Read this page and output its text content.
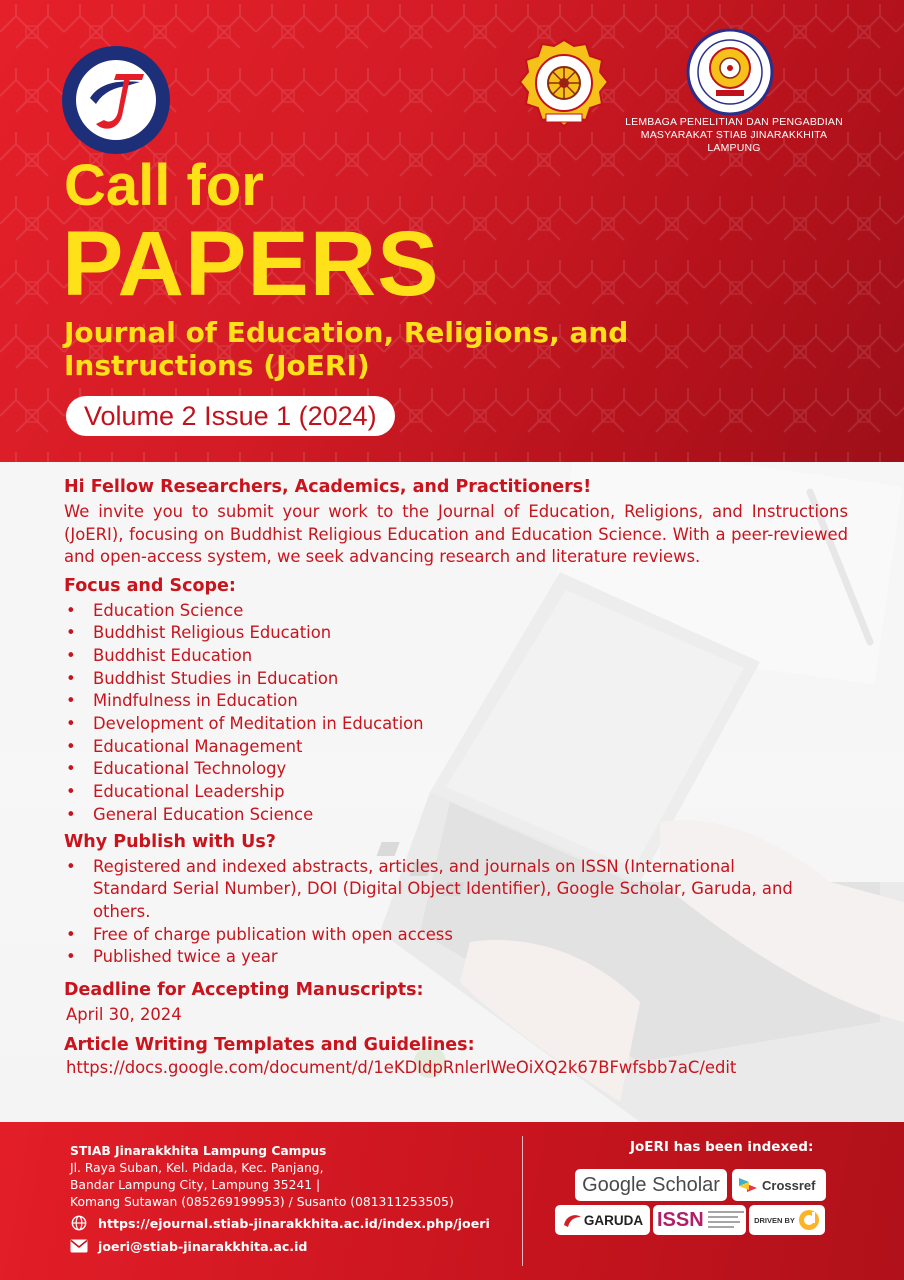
LEMBAGA PENELITIAN DAN PENGABDIAN
MASYARAKAT STIAB JINARAKKHITA LAMPUNG
Call for
PAPERS
Journal of Education, Religions, and
Instructions (JoERI)
Volume 2 Issue 1 (2024)
Hi Fellow Researchers, Academics, and Practitioners!

We invite you to submit your work to the Journal of Education, Religions, and Instructions (JoERI), focusing on Buddhist Religious Education and Education Science. With a peer-reviewed and open-access system, we seek advancing research and literature reviews.

Focus and Scope:
• Education Science
• Buddhist Religious Education
• Buddhist Education
• Buddhist Studies in Education
• Mindfulness in Education
• Development of Meditation in Education
• Educational Management
• Educational Technology
• Educational Leadership
• General Education Science
Why Publish with Us?
• Registered and indexed abstracts, articles, and journals on ISSN (International Standard Serial Number), DOI (Digital Object Identifier), Google Scholar, Garuda, and others.
• Free of charge publication with open access
• Published twice a year
Deadline for Accepting Manuscripts:
April 30, 2024
Article Writing Templates and Guidelines:
https://docs.google.com/document/d/1eKDIdpRnlerlWeOiXQ2k67BFwfsbb7aC/edit
STIAB Jinarakkhita Lampung Campus
Jl. Raya Suban, Kel. Pidada, Kec. Panjang,
Bandar Lampung City, Lampung 35241 |
Komang Sutawan (085269199953) / Susanto (081311253505)
https://ejournal.stiab-jinarakkhita.ac.id/index.php/joeri
joeri@stiab-jinarakkhita.ac.id
JoERI has been indexed:
Google Scholar	Crossref
GARUDA ISSN	DRIVEN BY
